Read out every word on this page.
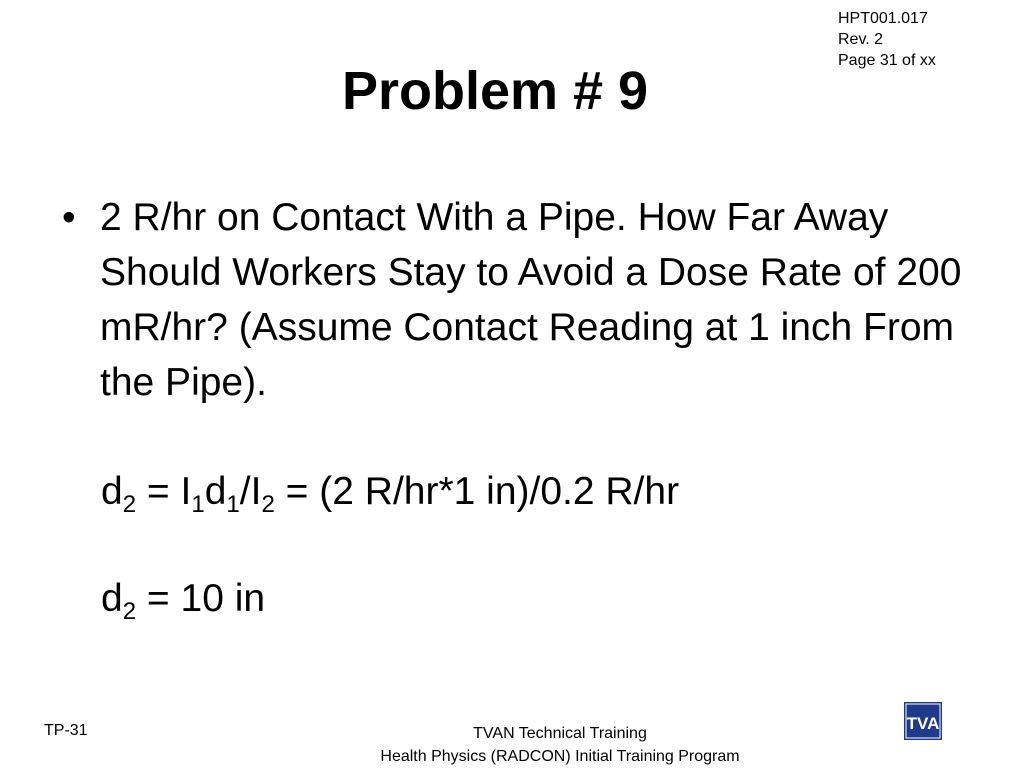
HPT001.017
Rev. 2
Page 31 of xx
Problem # 9
• 2 R/hr on Contact With a Pipe. How Far Away Should Workers Stay to Avoid a Dose Rate of 200 mR/hr? (Assume Contact Reading at 1 inch From the Pipe).
$d_2 = I_1d_1/I_2 = (2$ R/hr*1 in)/0.2 R/hr
$d_2 = 10$ in
TP-31	TVAN Technical Training
Health Physics (RADCON) Initial Training Program
TVA
